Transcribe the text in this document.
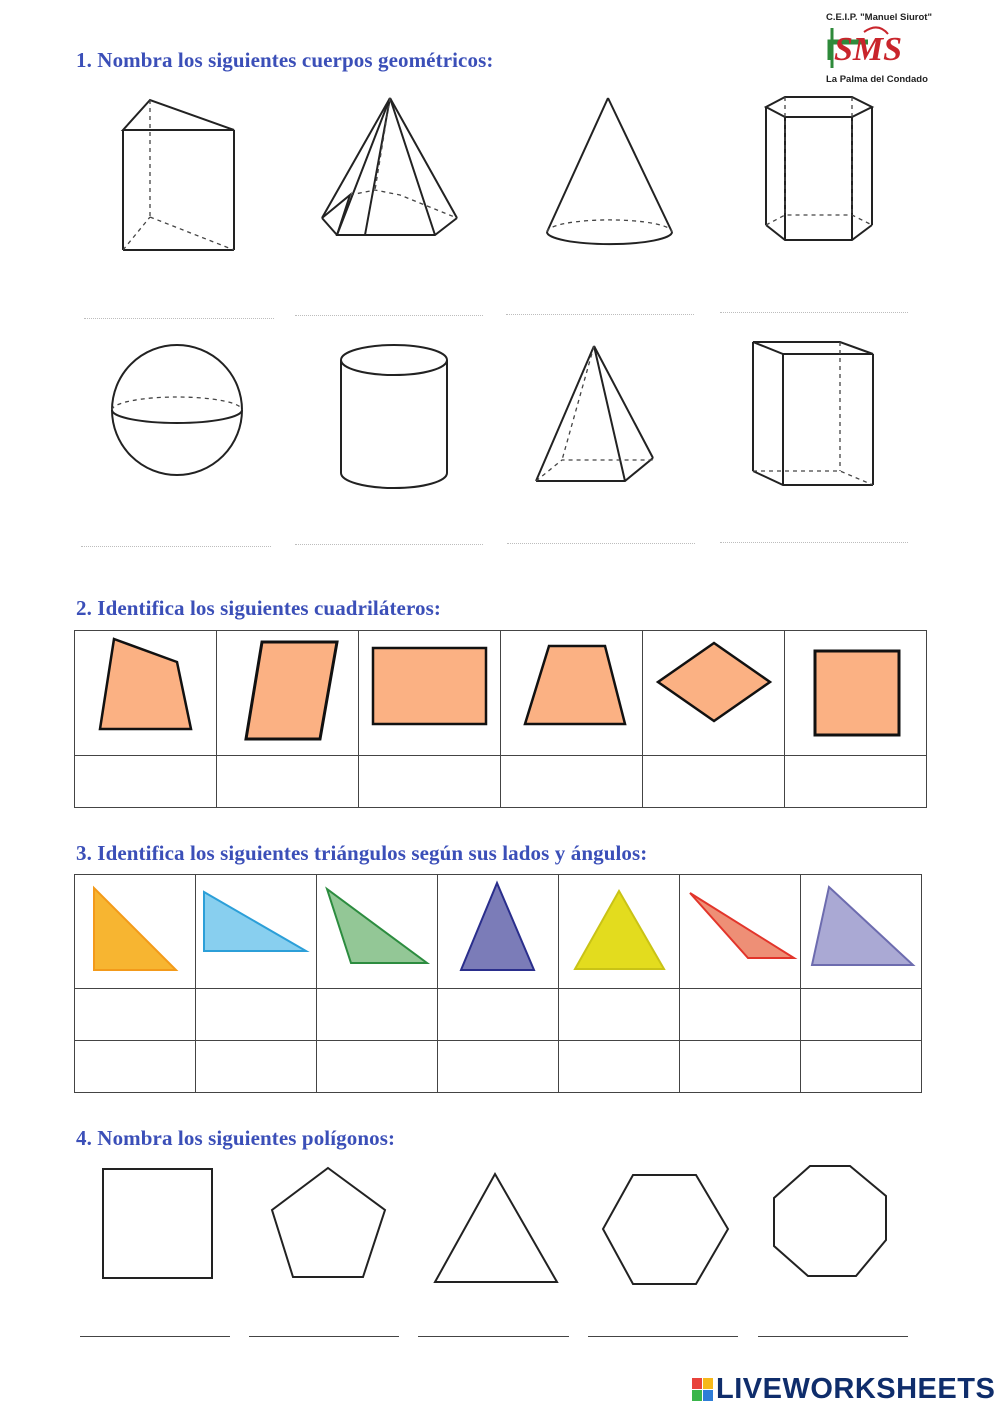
C.E.I.P. "Manuel Siurot"
SMS
La Palma del Condado
1. Nombra los siguientes cuerpos geométricos:
2. Identifica los siguientes cuadriláteros:

3. Identifica los siguientes triángulos según sus lados y ángulos:

4. Nombra los siguientes polígonos:
LIVEWORKSHEETS
